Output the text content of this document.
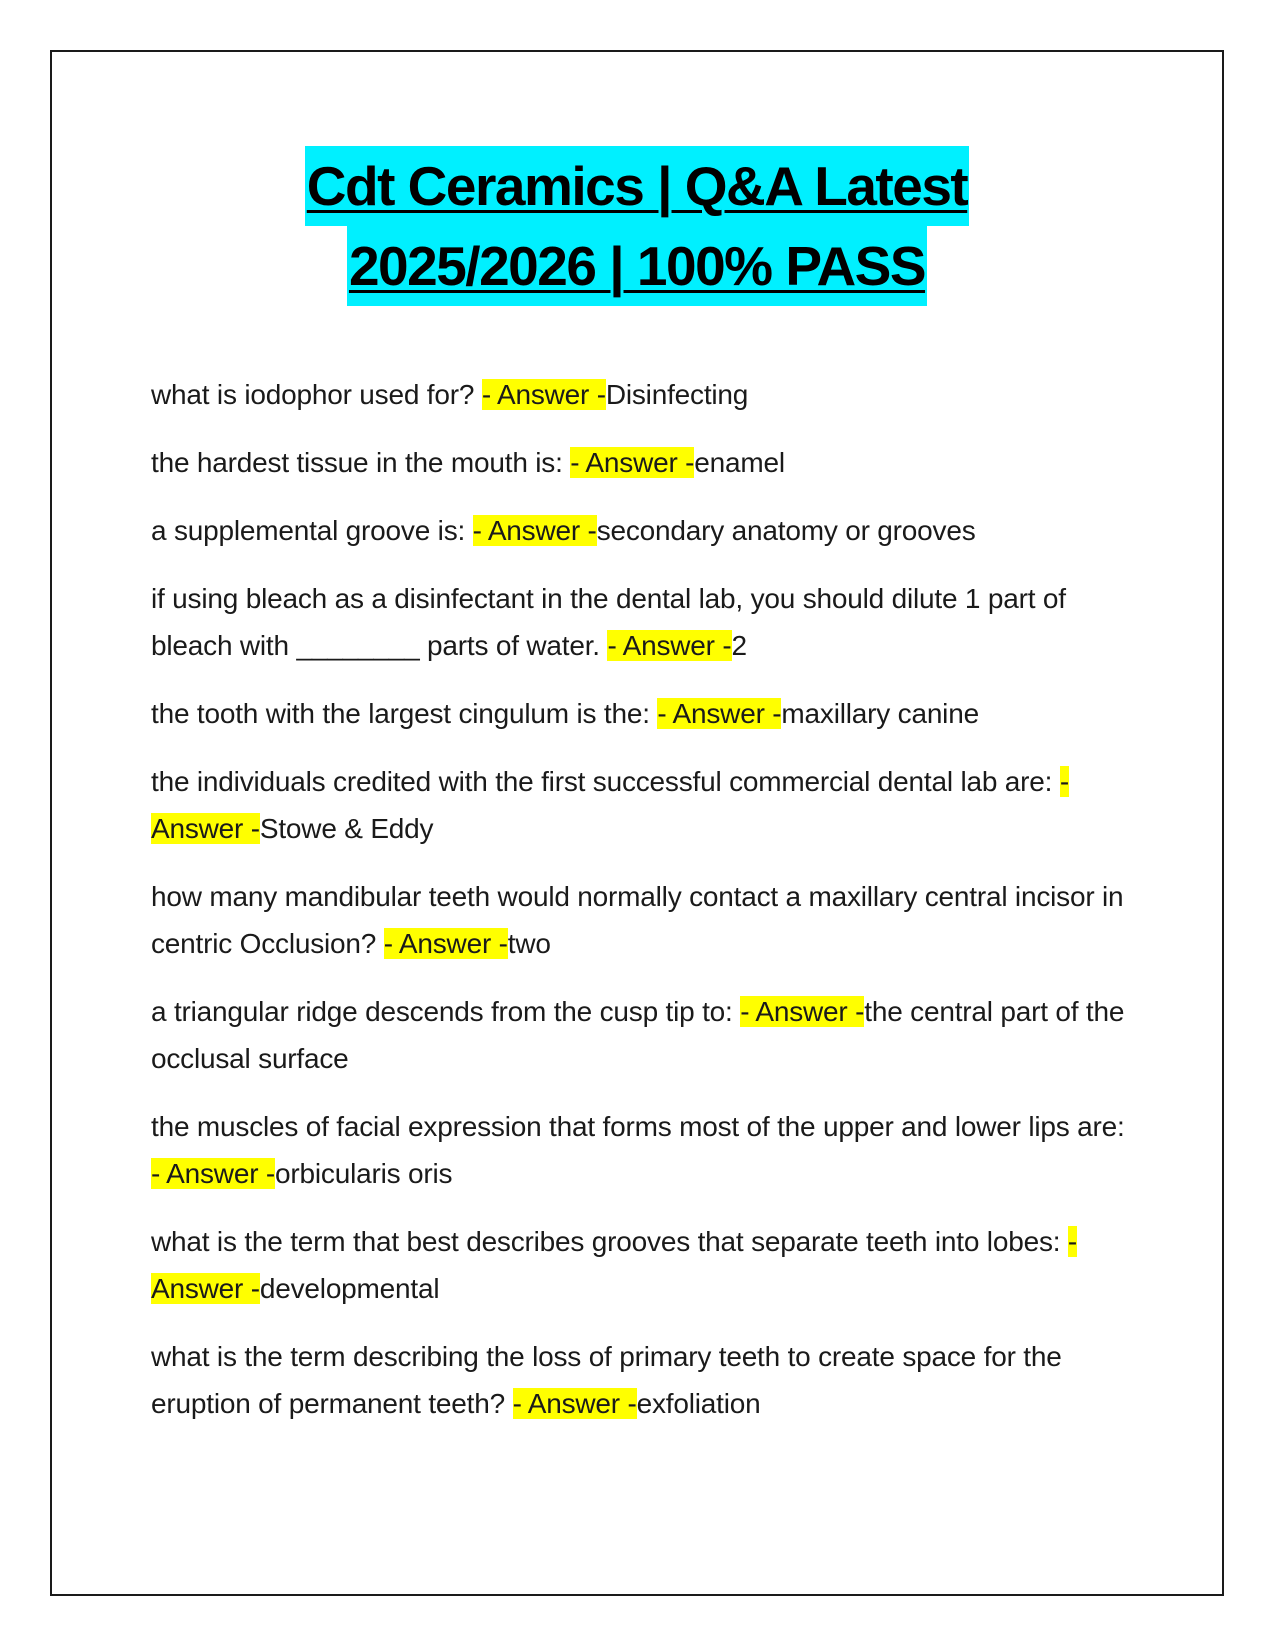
Cdt Ceramics | Q&A Latest
2025/2026 | 100% PASS
what is iodophor used for? - Answer -Disinfecting
the hardest tissue in the mouth is: - Answer -enamel
a supplemental groove is: - Answer -secondary anatomy or grooves
if using bleach as a disinfectant in the dental lab, you should dilute 1 part of bleach with ________ parts of water. - Answer -2
the tooth with the largest cingulum is the: - Answer -maxillary canine
the individuals credited with the first successful commercial dental lab are: - Answer -Stowe & Eddy
how many mandibular teeth would normally contact a maxillary central incisor in centric Occlusion? - Answer -two
a triangular ridge descends from the cusp tip to: - Answer -the central part of the occlusal surface
the muscles of facial expression that forms most of the upper and lower lips are: - Answer -orbicularis oris
what is the term that best describes grooves that separate teeth into lobes: - Answer -developmental
what is the term describing the loss of primary teeth to create space for the eruption of permanent teeth? - Answer -exfoliation
